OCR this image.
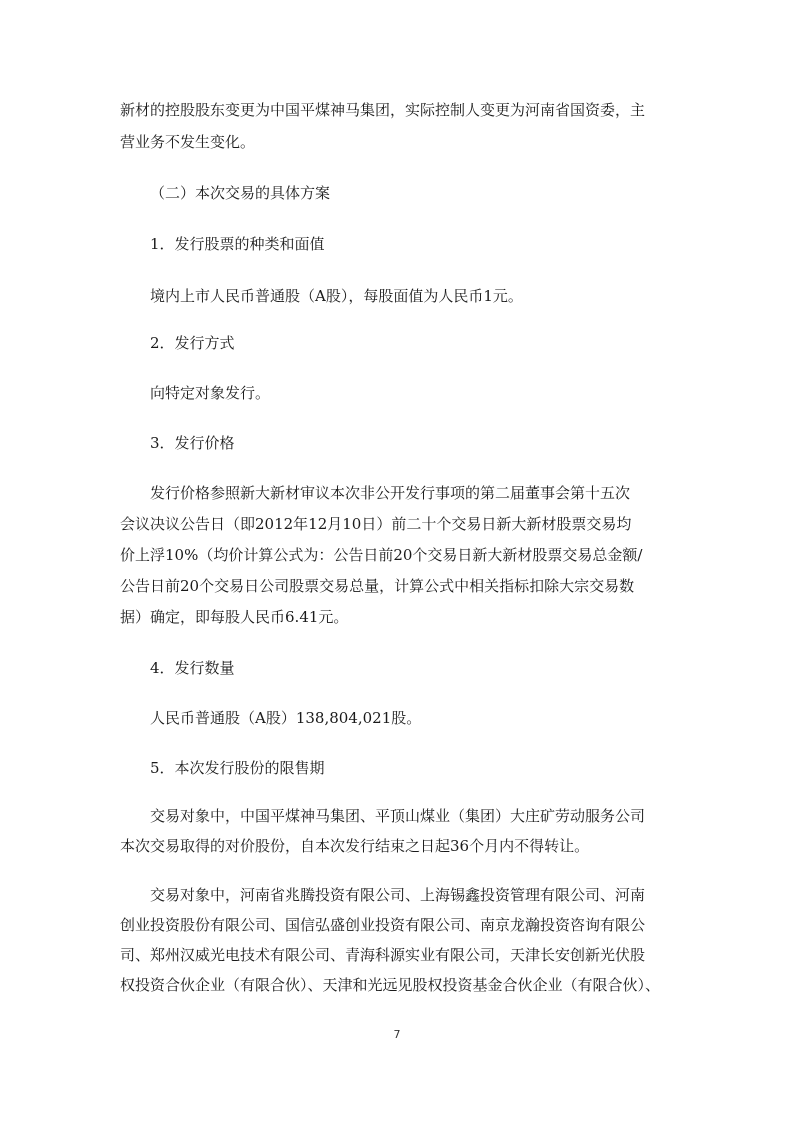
新材的控股股东变更为中国平煤神马集团，实际控制人变更为河南省国资委，主

营业务不发生变化。

（二）本次交易的具体方案

1．发行股票的种类和面值

境内上市人民币普通股（A股），每股面值为人民币1元。

2．发行方式

向特定对象发行。

3．发行价格

发行价格参照新大新材审议本次非公开发行事项的第二届董事会第十五次

会议决议公告日（即2012年12月10日）前二十个交易日新大新材股票交易均

价上浮10%（均价计算公式为：公告日前20个交易日新大新材股票交易总金额/

公告日前20个交易日公司股票交易总量，计算公式中相关指标扣除大宗交易数

据）确定，即每股人民币6.41元。

4．发行数量

人民币普通股（A股）138,804,021股。

5．本次发行股份的限售期

交易对象中，中国平煤神马集团、平顶山煤业（集团）大庄矿劳动服务公司

本次交易取得的对价股份，自本次发行结束之日起36个月内不得转让。

交易对象中，河南省兆腾投资有限公司、上海锡鑫投资管理有限公司、河南

创业投资股份有限公司、国信弘盛创业投资有限公司、南京龙瀚投资咨询有限公

司、郑州汉威光电技术有限公司、青海科源实业有限公司，天津长安创新光伏股

权投资合伙企业（有限合伙）、天津和光远见股权投资基金合伙企业（有限合伙）、

7
